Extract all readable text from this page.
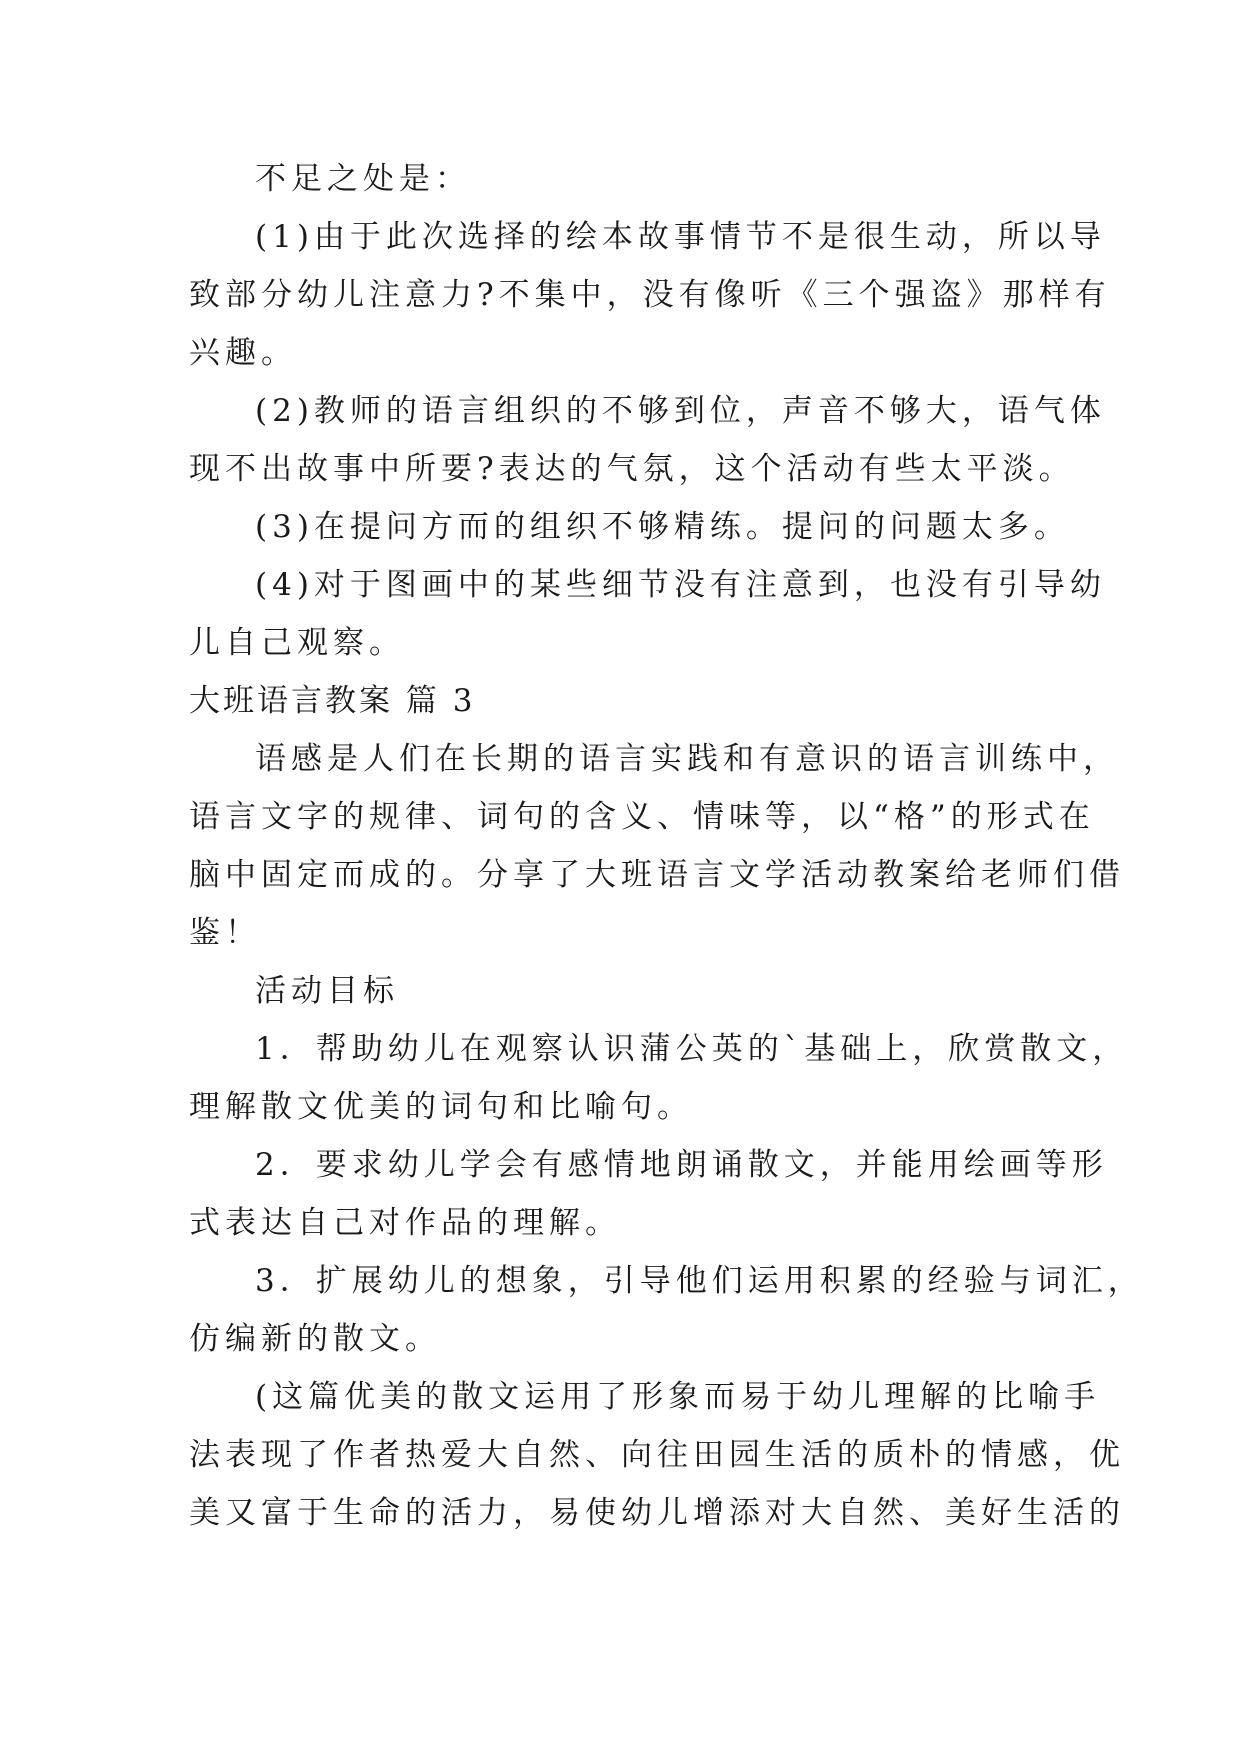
不足之处是：
(1)由于此次选择的绘本故事情节不是很生动，所以导
致部分幼儿注意力?不集中，没有像听《三个强盗》那样有
兴趣。
(2)教师的语言组织的不够到位，声音不够大，语气体
现不出故事中所要?表达的气氛，这个活动有些太平淡。
(3)在提问方而的组织不够精练。提问的问题太多。
(4)对于图画中的某些细节没有注意到，也没有引导幼
儿自己观察。
大班语言教案 篇 3
语感是人们在长期的语言实践和有意识的语言训练中，
语言文字的规律、词句的含义、情味等，以“格”的形式在
脑中固定而成的。分享了大班语言文学活动教案给老师们借
鉴！
活动目标
1．帮助幼儿在观察认识蒲公英的`基础上，欣赏散文，
理解散文优美的词句和比喻句。
2．要求幼儿学会有感情地朗诵散文，并能用绘画等形
式表达自己对作品的理解。
3．扩展幼儿的想象，引导他们运用积累的经验与词汇，
仿编新的散文。
(这篇优美的散文运用了形象而易于幼儿理解的比喻手
法表现了作者热爱大自然、向往田园生活的质朴的情感，优
美又富于生命的活力，易使幼儿增添对大自然、美好生活的
